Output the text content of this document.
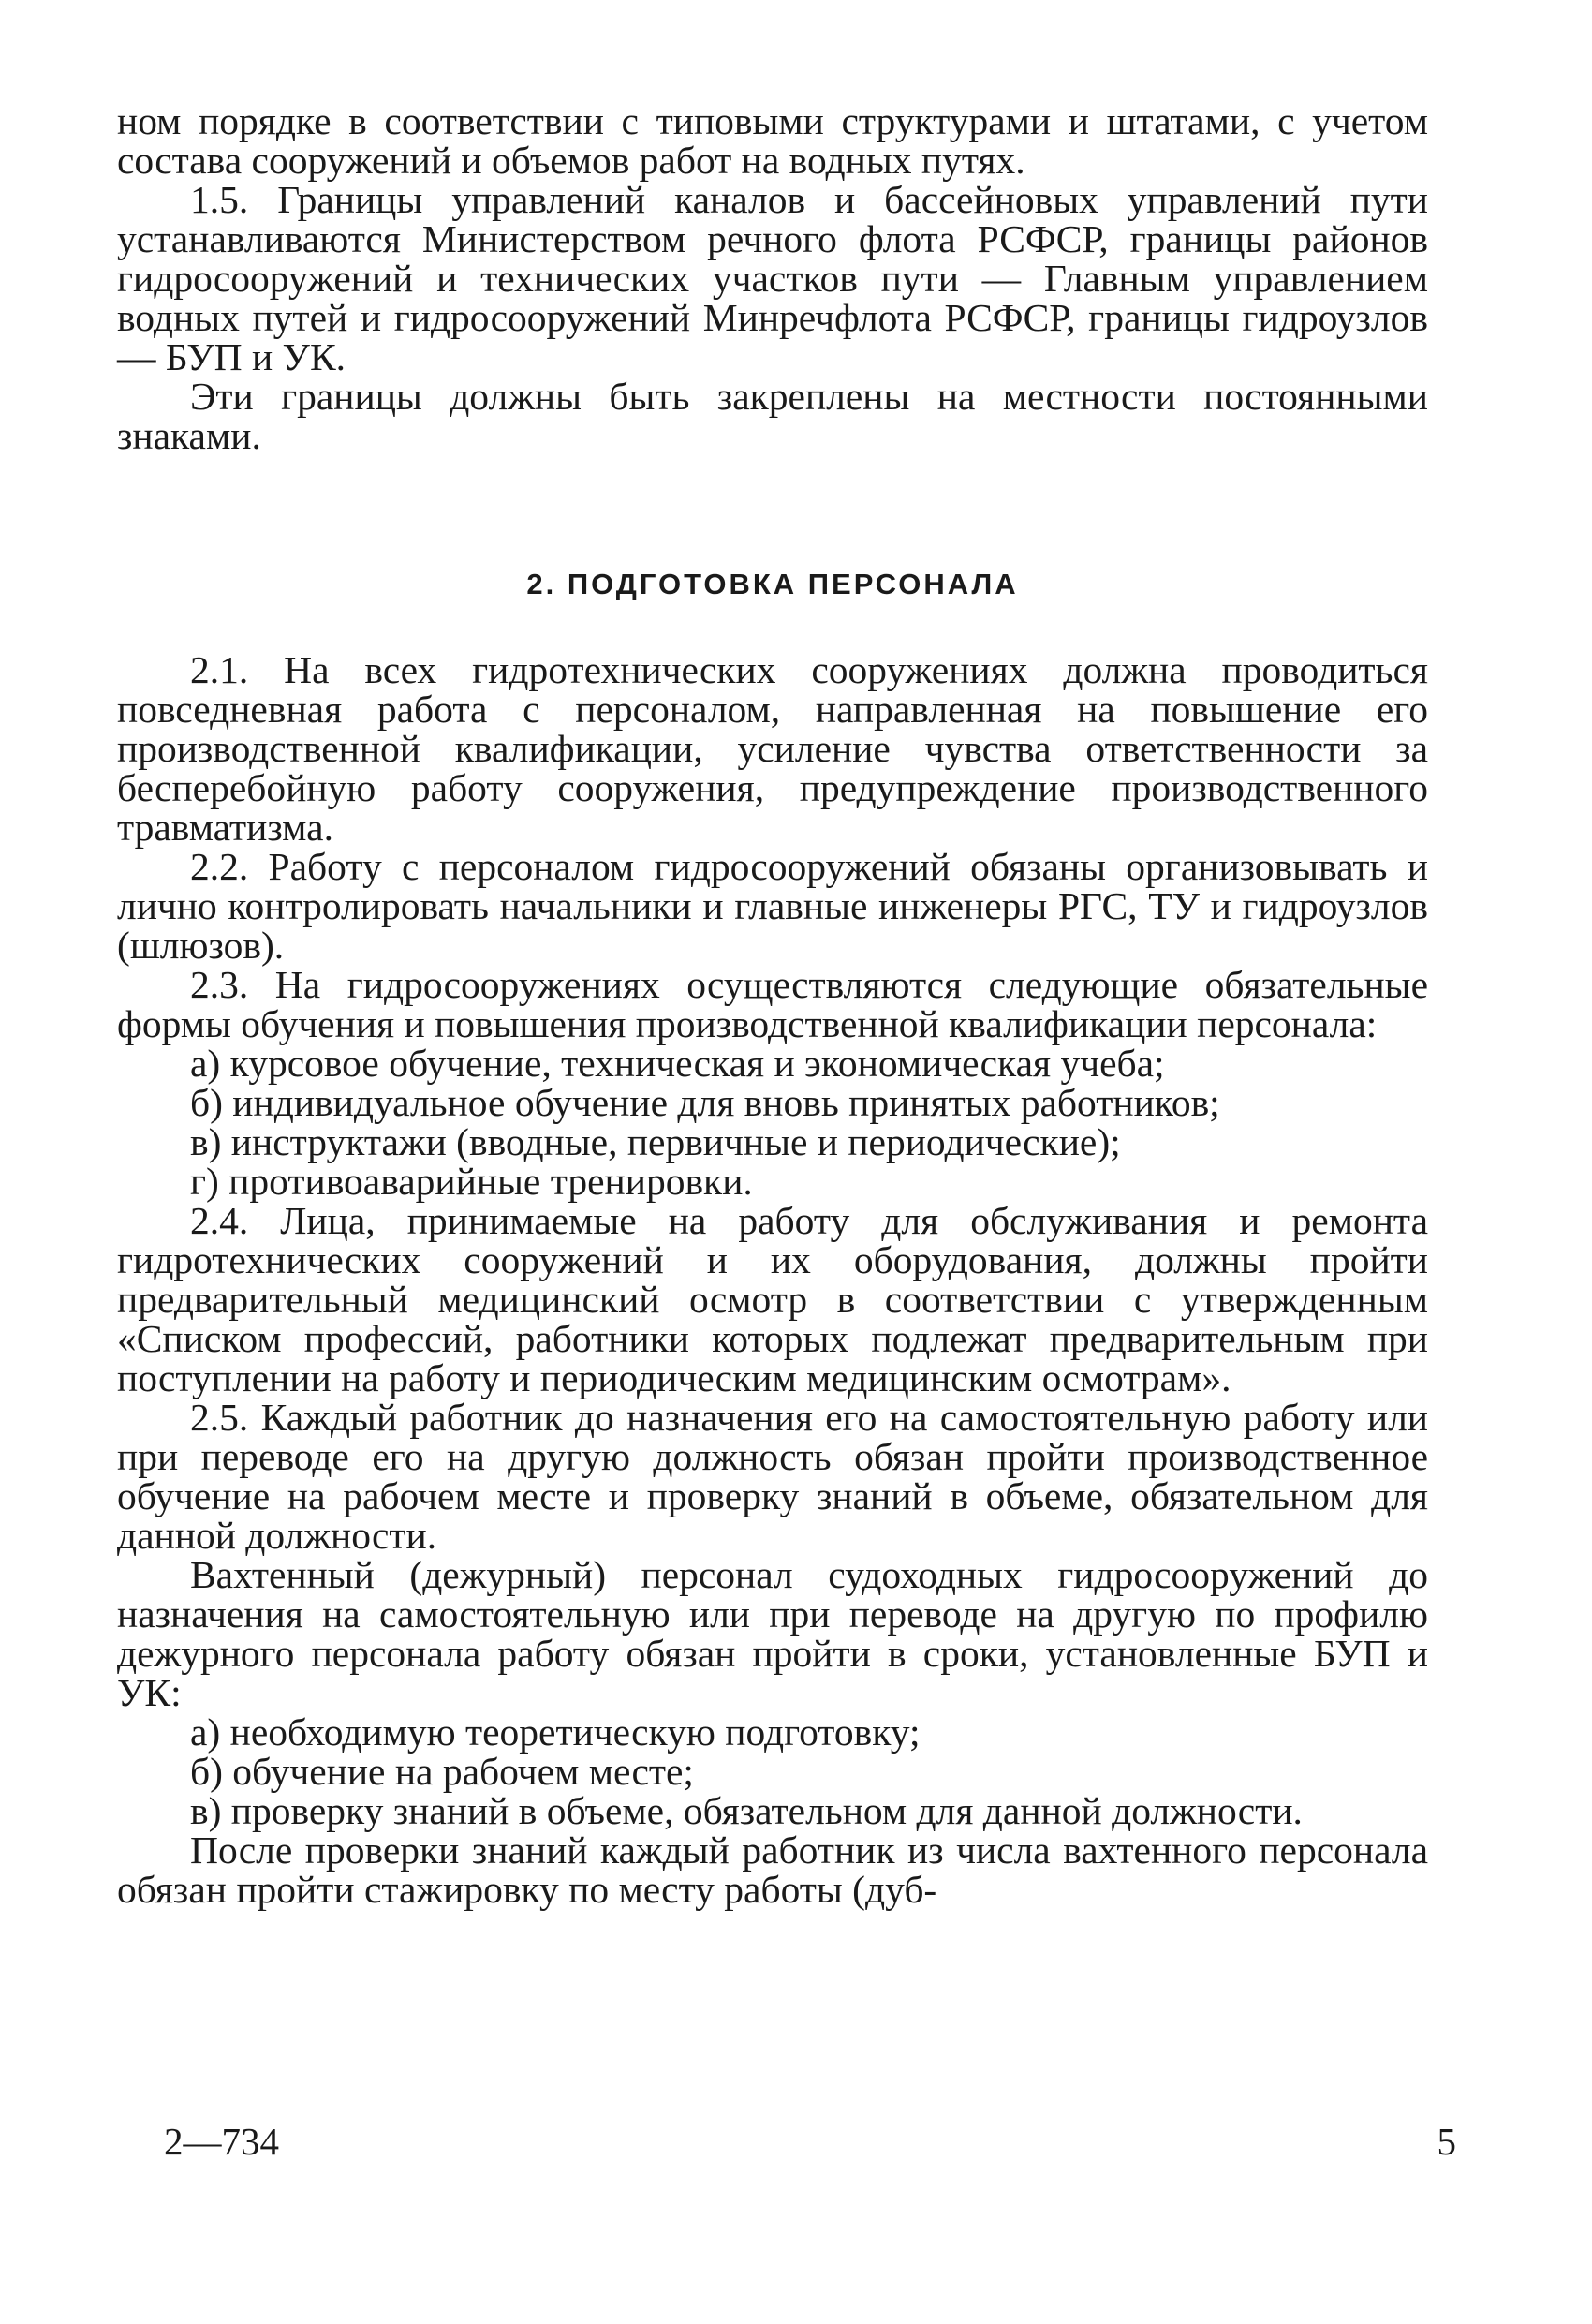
ном порядке в соответствии с типовыми структурами и штатами, с учетом состава сооружений и объемов работ на водных путях.

1.5. Границы управлений каналов и бассейновых управлений пути устанавливаются Министерством речного флота РСФСР, границы районов гидросооружений и технических участков пути — Главным управлением водных путей и гидросооружений Минречфлота РСФСР, границы гидроузлов — БУП и УК.

Эти границы должны быть закреплены на местности постоянными знаками.

2. ПОДГОТОВКА ПЕРСОНАЛА

2.1. На всех гидротехнических сооружениях должна проводиться повседневная работа с персоналом, направленная на повышение его производственной квалификации, усиление чувства ответственности за бесперебойную работу сооружения, предупреждение производственного травматизма.

2.2. Работу с персоналом гидросооружений обязаны организовывать и лично контролировать начальники и главные инженеры РГС, ТУ и гидроузлов (шлюзов).

2.3. На гидросооружениях осуществляются следующие обязательные формы обучения и повышения производственной квалификации персонала:

а) курсовое обучение, техническая и экономическая учеба;

б) индивидуальное обучение для вновь принятых работников;

в) инструктажи (вводные, первичные и периодические);

г) противоаварийные тренировки.

2.4. Лица, принимаемые на работу для обслуживания и ремонта гидротехнических сооружений и их оборудования, должны пройти предварительный медицинский осмотр в соответствии с утвержденным «Списком профессий, работники которых подлежат предварительным при поступлении на работу и периодическим медицинским осмотрам».

2.5. Каждый работник до назначения его на самостоятельную работу или при переводе его на другую должность обязан пройти производственное обучение на рабочем месте и проверку знаний в объеме, обязательном для данной должности.

Вахтенный (дежурный) персонал судоходных гидросооружений до назначения на самостоятельную или при переводе на другую по профилю дежурного персонала работу обязан пройти в сроки, установленные БУП и УК:

а) необходимую теоретическую подготовку;

б) обучение на рабочем месте;

в) проверку знаний в объеме, обязательном для данной должности.

После проверки знаний каждый работник из числа вахтенного персонала обязан пройти стажировку по месту работы (дуб-

2—734	5
